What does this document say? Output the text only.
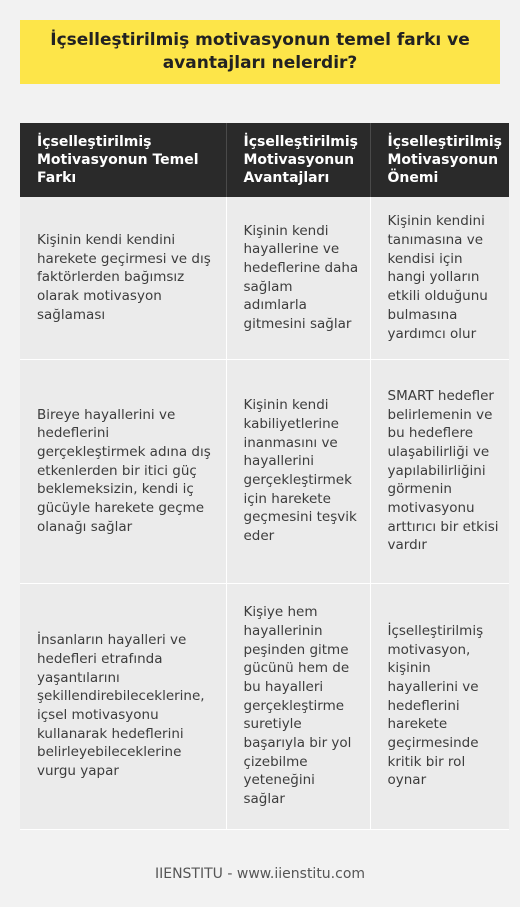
İçselleştirilmiş motivasyonun temel farkı ve avantajları nelerdir?
İçselleştirilmiş Motivasyonun Temel Farkı	İçselleştirilmiş Motivasyonun Avantajları	İçselleştirilmiş Motivasyonun Önemi
Kişinin kendi kendini harekete geçirmesi ve dış faktörlerden bağımsız olarak motivasyon sağlaması	Kişinin kendi hayallerine ve hedeflerine daha sağlam adımlarla gitmesini sağlar	Kişinin kendini tanımasına ve kendisi için hangi yolların etkili olduğunu bulmasına yardımcı olur
Bireye hayallerini ve hedeflerini gerçekleştirmek adına dış etkenlerden bir itici güç beklemeksizin, kendi iç gücüyle harekete geçme olanağı sağlar	Kişinin kendi kabiliyetlerine inanmasını ve hayallerini gerçekleştirmek için harekete geçmesini teşvik eder	SMART hedefler belirlemenin ve bu hedeflere ulaşabilirliği ve yapılabilirliğini görmenin motivasyonu arttırıcı bir etkisi vardır
İnsanların hayalleri ve hedefleri etrafında yaşantılarını şekillendirebileceklerine, içsel motivasyonu kullanarak hedeflerini belirleyebileceklerine vurgu yapar	Kişiye hem hayallerinin peşinden gitme gücünü hem de bu hayalleri gerçekleştirme suretiyle başarıyla bir yol çizebilme yeteneğini sağlar	İçselleştirilmiş motivasyon, kişinin hayallerini ve hedeflerini harekete geçirmesinde kritik bir rol oynar
IIENSTITU - www.iienstitu.com
